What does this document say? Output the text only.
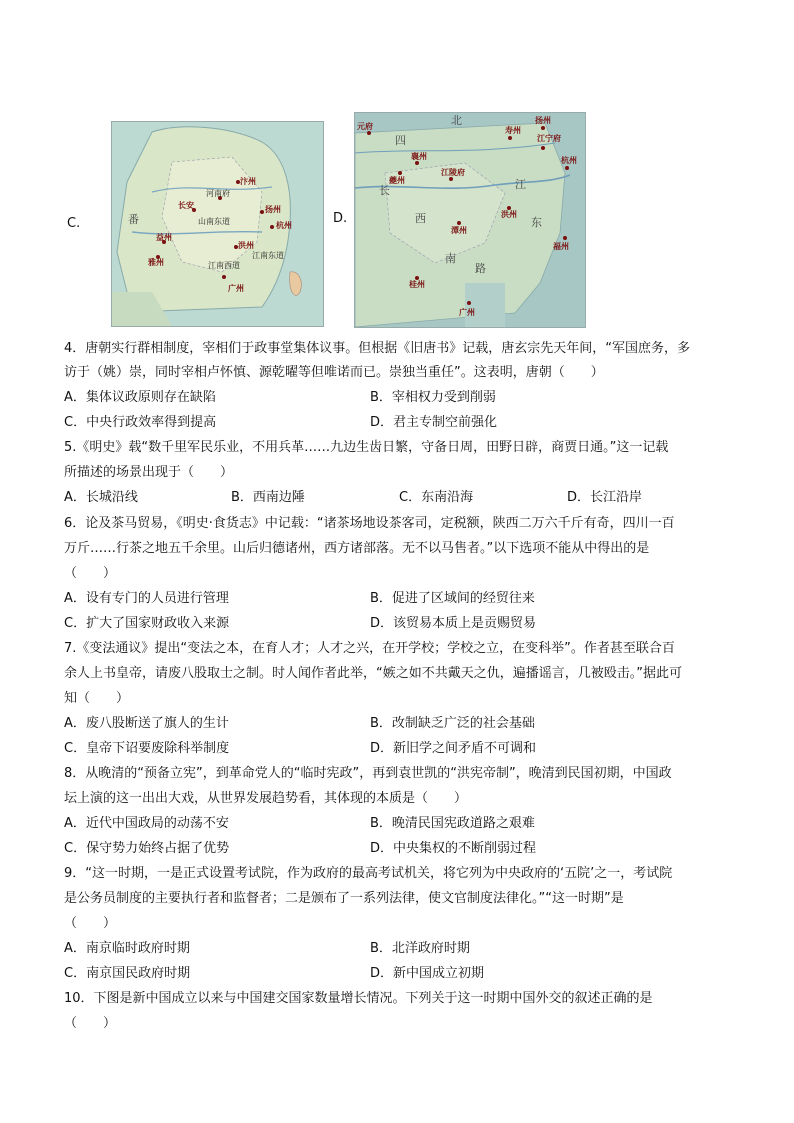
C.
长安
杭州
汴州
广州
益州
扬州
洪州
雅州
河南府
山南东道
江南西道
江南东道
番	D.
元府	寿州
扬州
江宁府
襄州	杭州
夔州
江陵府
洪州
潭州
福州
桂州
广州
长	江
路
四
西
北
南
东
4．唐朝实行群相制度，宰相们于政事堂集体议事。但根据《旧唐书》记载，唐玄宗先天年间，“军国庶务，多
访于（姚）崇，同时宰相卢怀慎、源乾曜等但唯诺而已。崇独当重任”。这表明，唐朝（　　）
A．集体议政原则存在缺陷	B．宰相权力受到削弱
C．中央行政效率得到提高	D．君主专制空前强化
5.《明史》载“数千里军民乐业，不用兵革……九边生齿日繁，守备日周，田野日辟，商贾日通。”这一记载
所描述的场景出现于（　　）
A．长城沿线	B．西南边陲	C．东南沿海	D．长江沿岸
6．论及茶马贸易，《明史·食货志》中记载：“诸茶场地设茶客司，定税额，陕西二万六千斤有奇，四川一百
万斤……行茶之地五千余里。山后归德诸州，西方诸部落。无不以马售者。”以下选项不能从中得出的是
（　　）
A．设有专门的人员进行管理	B．促进了区域间的经贸往来
C．扩大了国家财政收入来源	D．该贸易本质上是贡赐贸易
7.《变法通议》提出“变法之本，在育人才；人才之兴，在开学校；学校之立，在变科举”。作者甚至联合百
余人上书皇帝，请废八股取士之制。时人闻作者此举，“嫉之如不共戴天之仇，遍播谣言，几被殴击。”据此可
知（　　）
A．废八股断送了旗人的生计	B．改制缺乏广泛的社会基础
C．皇帝下诏要废除科举制度	D．新旧学之间矛盾不可调和
8．从晚清的“预备立宪”，到革命党人的“临时宪政”，再到袁世凯的“洪宪帝制”，晚清到民国初期，中国政
坛上演的这一出出大戏，从世界发展趋势看，其体现的本质是（　　）
A．近代中国政局的动荡不安	B．晚清民国宪政道路之艰难
C．保守势力始终占据了优势	D．中央集权的不断削弱过程
9．“这一时期，一是正式设置考试院，作为政府的最高考试机关，将它列为中央政府的‘五院’之一，考试院
是公务员制度的主要执行者和监督者；二是颁布了一系列法律，使文官制度法律化。”“这一时期”是
（　　）
A．南京临时政府时期	B．北洋政府时期
C．南京国民政府时期	D．新中国成立初期
10．下图是新中国成立以来与中国建交国家数量增长情况。下列关于这一时期中国外交的叙述正确的是
（　　）
